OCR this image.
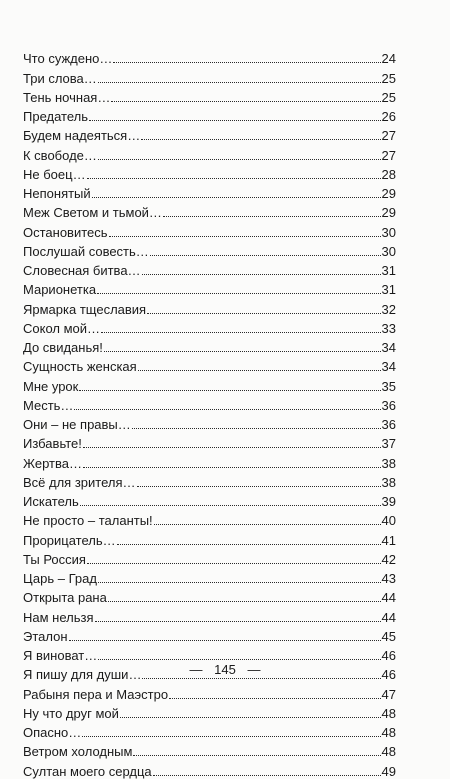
Что суждено…	24
Три слова…	25
Тень ночная…	25
Предатель	26
Будем надеяться…	27
К свободе…	27
Не боец…	28
Непонятый	29
Меж Светом и тьмой…	29
Остановитесь	30
Послушай совесть…	30
Словесная битва…	31
Марионетка	31
Ярмарка тщеславия	32
Сокол мой…	33
До свиданья!	34
Сущность женская	34
Мне урок	35
Месть…	36
Они – не правы…	36
Избавьте!	37
Жертва…	38
Всё для зрителя…	38
Искатель	39
Не просто – таланты!	40
Прорицатель…	41
Ты Россия	42
Царь – Град	43
Открыта рана	44
Нам нельзя	44
Эталон	45
Я виноват…	46
Я пишу для души…	46
Рабыня пера и Маэстро	47
Ну что друг мой	48
Опасно…	48
Ветром холодным	48
Султан моего сердца	49
— 145 —
